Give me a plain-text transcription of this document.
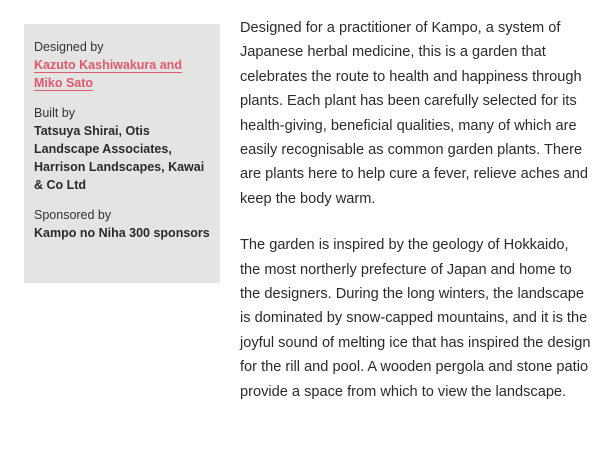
Designed by
Kazuto Kashiwakura and Miko Sato
Built by
Tatsuya Shirai, Otis Landscape Associates, Harrison Landscapes, Kawai & Co Ltd
Sponsored by
Kampo no Niha 300 sponsors

Designed for a practitioner of Kampo, a system of Japanese herbal medicine, this is a garden that celebrates the route to health and happiness through plants. Each plant has been carefully selected for its health-giving, beneficial qualities, many of which are easily recognisable as common garden plants. There are plants here to help cure a fever, relieve aches and keep the body warm.

The garden is inspired by the geology of Hokkaido, the most northerly prefecture of Japan and home to the designers. During the long winters, the landscape is dominated by snow-capped mountains, and it is the joyful sound of melting ice that has inspired the design for the rill and pool. A wooden pergola and stone patio provide a space from which to view the landscape.
